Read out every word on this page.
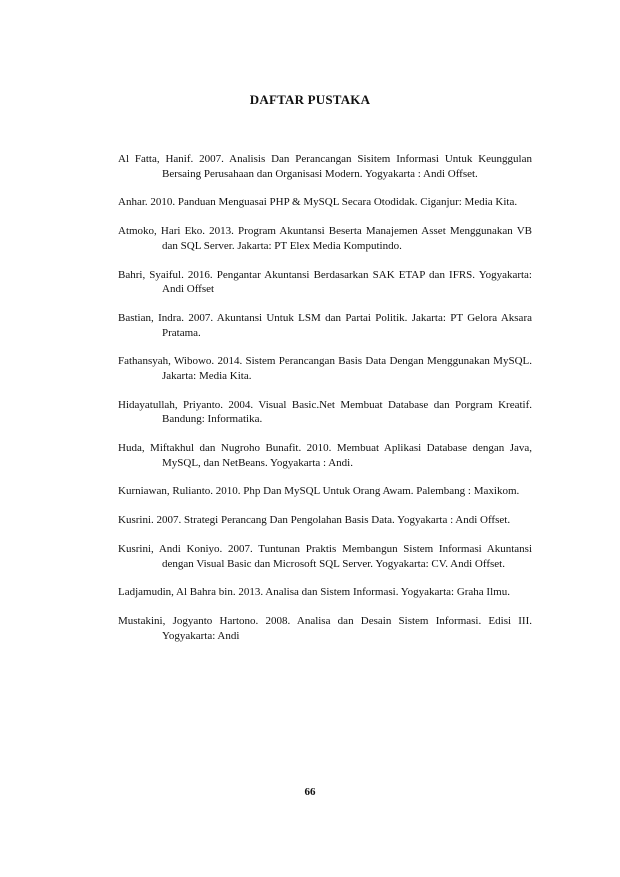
DAFTAR PUSTAKA
Al Fatta, Hanif. 2007. Analisis Dan Perancangan Sisitem Informasi Untuk Keunggulan Bersaing Perusahaan dan Organisasi Modern. Yogyakarta : Andi Offset.
Anhar. 2010. Panduan Menguasai PHP & MySQL Secara Otodidak. Ciganjur: Media Kita.
Atmoko, Hari Eko. 2013. Program Akuntansi Beserta Manajemen Asset Menggunakan VB dan SQL Server. Jakarta: PT Elex Media Komputindo.
Bahri, Syaiful. 2016. Pengantar Akuntansi Berdasarkan SAK ETAP dan IFRS. Yogyakarta: Andi Offset
Bastian, Indra. 2007. Akuntansi Untuk LSM dan Partai Politik. Jakarta: PT Gelora Aksara Pratama.
Fathansyah, Wibowo. 2014. Sistem Perancangan Basis Data Dengan Menggunakan MySQL. Jakarta: Media Kita.
Hidayatullah, Priyanto. 2004. Visual Basic.Net Membuat Database dan Porgram Kreatif. Bandung: Informatika.
Huda, Miftakhul dan Nugroho Bunafit. 2010. Membuat Aplikasi Database dengan Java, MySQL, dan NetBeans. Yogyakarta : Andi.
Kurniawan, Rulianto. 2010. Php Dan MySQL Untuk Orang Awam. Palembang : Maxikom.
Kusrini. 2007. Strategi Perancang Dan Pengolahan Basis Data. Yogyakarta : Andi Offset.
Kusrini, Andi Koniyo. 2007. Tuntunan Praktis Membangun Sistem Informasi Akuntansi dengan Visual Basic dan Microsoft SQL Server. Yogyakarta: CV. Andi Offset.
Ladjamudin, Al Bahra bin. 2013. Analisa dan Sistem Informasi. Yogyakarta: Graha Ilmu.
Mustakini, Jogyanto Hartono. 2008. Analisa dan Desain Sistem Informasi. Edisi III. Yogyakarta: Andi
66
